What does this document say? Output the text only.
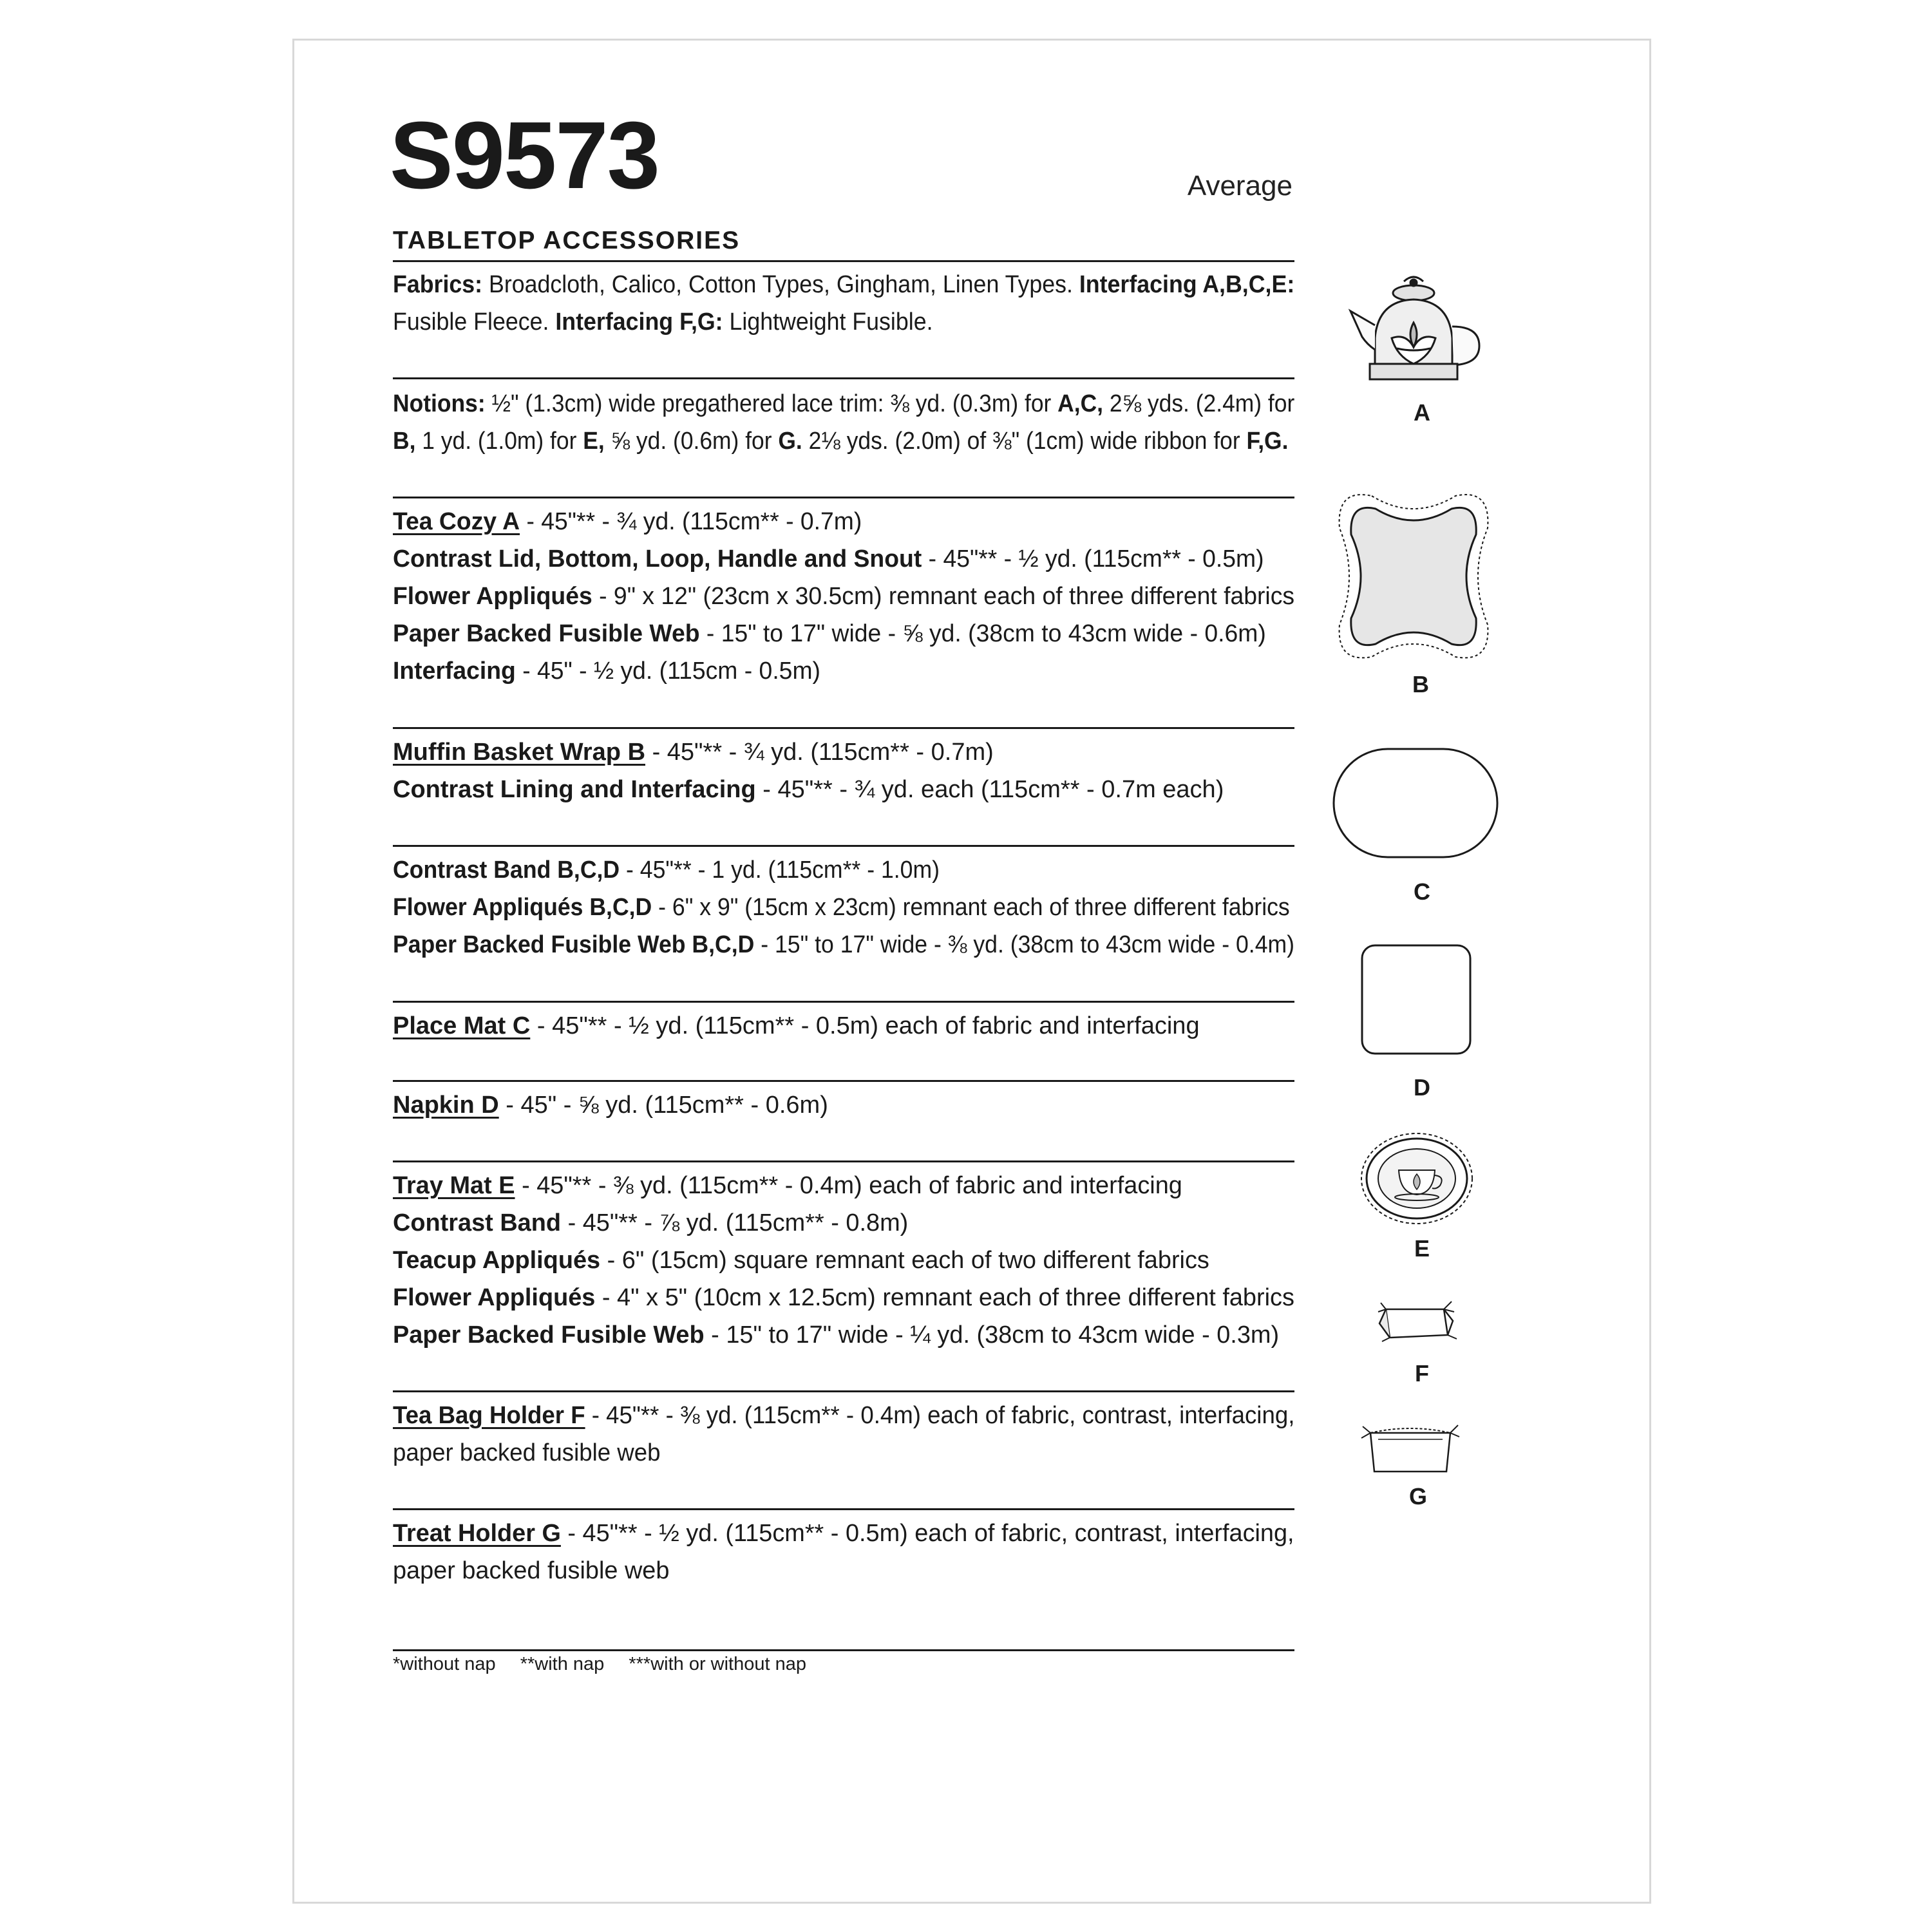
S9573	Average
TABLETOP ACCESSORIES
Fabrics: Broadcloth, Calico, Cotton Types, Gingham, Linen Types. Interfacing A,B,C,E:
Fusible Fleece. Interfacing F,G: Lightweight Fusible.
Notions: ½" (1.3cm) wide pregathered lace trim: ⅜ yd. (0.3m) for A,C, 2⅝ yds. (2.4m) for
B, 1 yd. (1.0m) for E, ⅝ yd. (0.6m) for G. 2⅛ yds. (2.0m) of ⅜" (1cm) wide ribbon for F,G.
Tea Cozy A - 45"** - ¾ yd. (115cm** - 0.7m)
Contrast Lid, Bottom, Loop, Handle and Snout - 45"** - ½ yd. (115cm** - 0.5m)
Flower Appliqués - 9" x 12" (23cm x 30.5cm) remnant each of three different fabrics
Paper Backed Fusible Web - 15" to 17" wide - ⅝ yd. (38cm to 43cm wide - 0.6m)
Interfacing - 45" - ½ yd. (115cm - 0.5m)
Muffin Basket Wrap B - 45"** - ¾ yd. (115cm** - 0.7m)
Contrast Lining and Interfacing - 45"** - ¾ yd. each (115cm** - 0.7m each)
Contrast Band B,C,D - 45"** - 1 yd. (115cm** - 1.0m)
Flower Appliqués B,C,D - 6" x 9" (15cm x 23cm) remnant each of three different fabrics
Paper Backed Fusible Web B,C,D - 15" to 17" wide - ⅜ yd. (38cm to 43cm wide - 0.4m)
Place Mat C - 45"** - ½ yd. (115cm** - 0.5m) each of fabric and interfacing
Napkin D - 45" - ⅝ yd. (115cm** - 0.6m)
Tray Mat E - 45"** - ⅜ yd. (115cm** - 0.4m) each of fabric and interfacing
Contrast Band - 45"** - ⅞ yd. (115cm** - 0.8m)
Teacup Appliqués - 6" (15cm) square remnant each of two different fabrics
Flower Appliqués - 4" x 5" (10cm x 12.5cm) remnant each of three different fabrics
Paper Backed Fusible Web - 15" to 17" wide - ¼ yd. (38cm to 43cm wide - 0.3m)
Tea Bag Holder F - 45"** - ⅜ yd. (115cm** - 0.4m) each of fabric, contrast, interfacing,
paper backed fusible web
Treat Holder G - 45"** - ½ yd. (115cm** - 0.5m) each of fabric, contrast, interfacing,
paper backed fusible web
*without nap **with nap ***with or without nap
A
B
C
D
E
F
G
